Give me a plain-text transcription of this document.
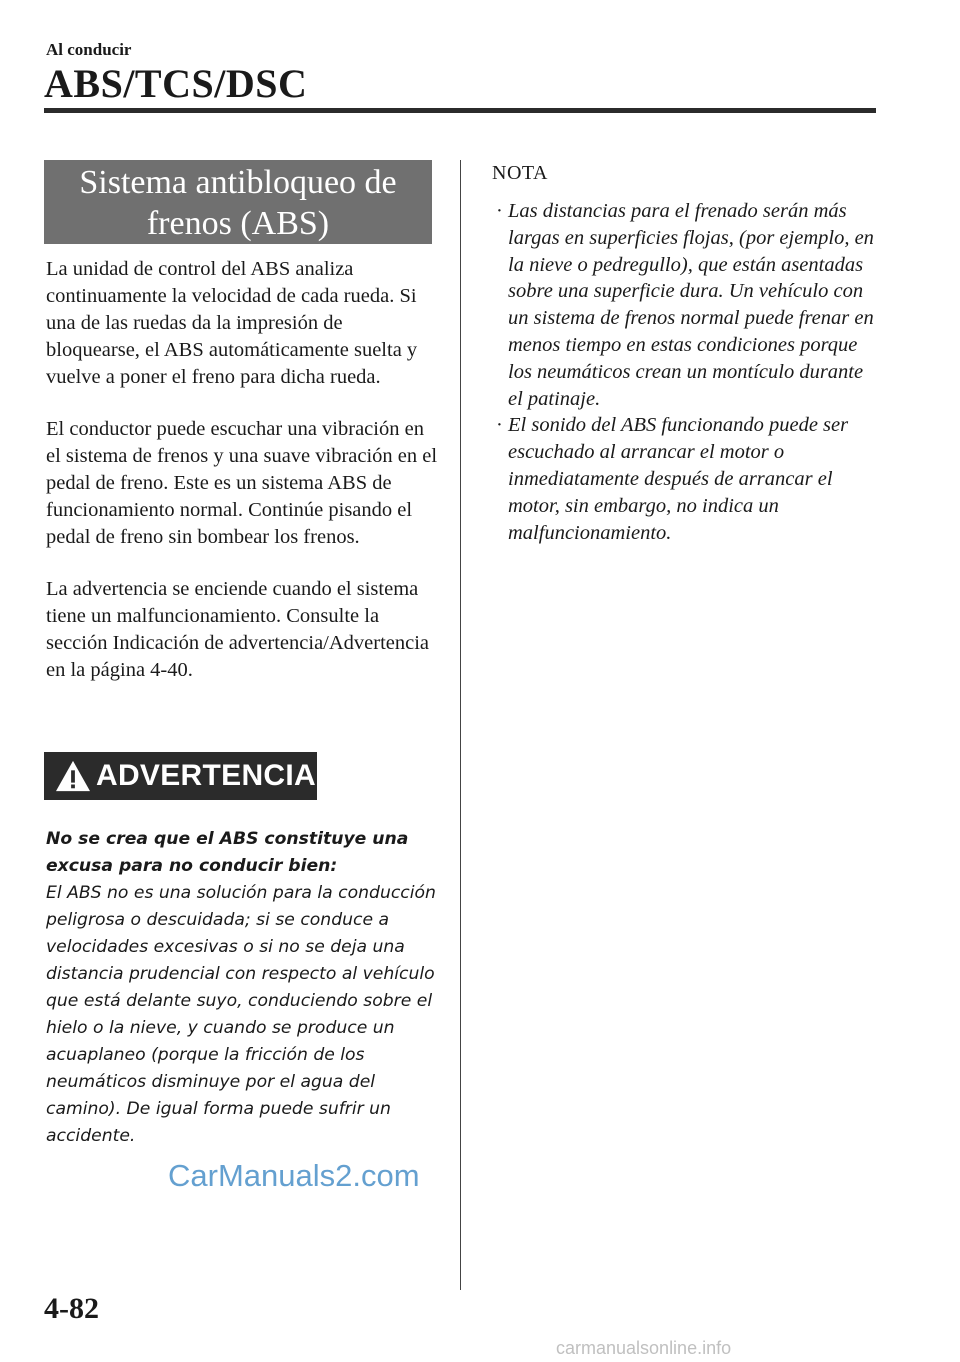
Al conducir
ABS/TCS/DSC
Sistema antibloqueo de
frenos (ABS)

La unidad de control del ABS analiza continuamente la velocidad de cada rueda. Si una de las ruedas da la impresión de bloquearse, el ABS automáticamente suelta y vuelve a poner el freno para dicha rueda.

El conductor puede escuchar una vibración en el sistema de frenos y una suave vibración en el pedal de freno. Este es un sistema ABS de funcionamiento normal. Continúe pisando el pedal de freno sin bombear los frenos.

La advertencia se enciende cuando el sistema tiene un malfuncionamiento. Consulte la sección Indicación de advertencia/Advertencia en la página 4-40.

ADVERTENCIA
No se crea que el ABS constituye una excusa para no conducir bien:
El ABS no es una solución para la conducción peligrosa o descuidada; si se conduce a velocidades excesivas o si no se deja una distancia prudencial con respecto al vehículo que está delante suyo, conduciendo sobre el hielo o la nieve, y cuando se produce un acuaplaneo (porque la fricción de los neumáticos disminuye por el agua del camino). De igual forma puede sufrir un accidente.
CarManuals2.com
NOTA
· Las distancias para el frenado serán más largas en superficies flojas, (por ejemplo, en la nieve o pedregullo), que están asentadas sobre una superficie dura. Un vehículo con un sistema de frenos normal puede frenar en menos tiempo en estas condiciones porque los neumáticos crean un montículo durante el patinaje.
· El sonido del ABS funcionando puede ser escuchado al arrancar el motor o inmediatamente después de arrancar el motor, sin embargo, no indica un malfuncionamiento.
4-82
carmanualsonline.info
